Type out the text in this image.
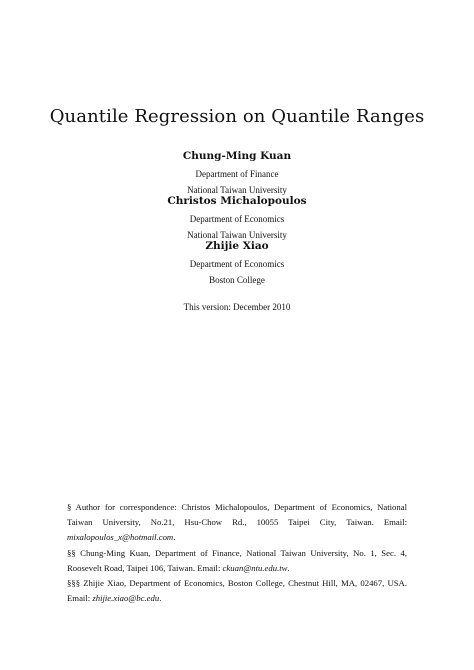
Quantile Regression on Quantile Ranges
Chung-Ming Kuan
Department of Finance
National Taiwan University
Christos Michalopoulos
Department of Economics
National Taiwan University
Zhijie Xiao
Department of Economics
Boston College
This version: December 2010

§ Author for correspondence: Christos Michalopoulos, Department of Economics, National Taiwan University, No.21, Hsu-Chow Rd., 10055 Taipei City, Taiwan. Email: mixalopoulos_x@hotmail.com.

§§ Chung-Ming Kuan, Department of Finance, National Taiwan University, No. 1, Sec. 4, Roosevelt Road, Taipei 106, Taiwan. Email: ckuan@ntu.edu.tw.

§§§ Zhijie Xiao, Department of Economics, Boston College, Chestnut Hill, MA, 02467, USA. Email: zhijie.xiao@bc.edu.
